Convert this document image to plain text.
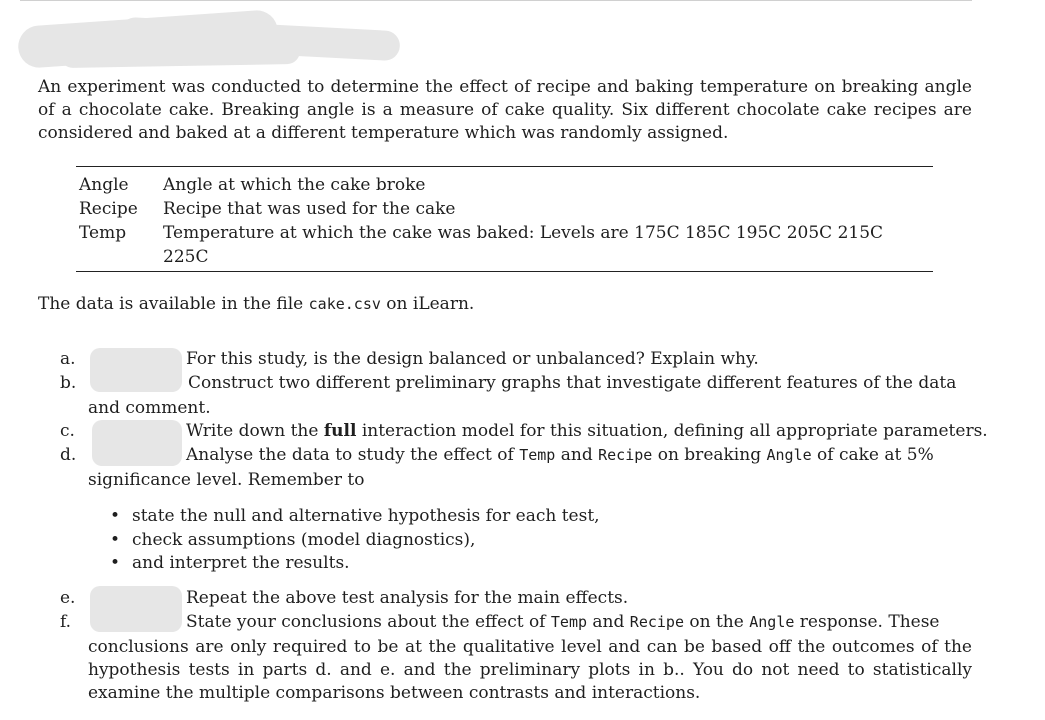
An experiment was conducted to determine the effect of recipe and baking temperature on breaking angle of a chocolate cake. Breaking angle is a measure of cake quality. Six different chocolate cake recipes are considered and baked at a different temperature which was randomly assigned.

Angle	Angle at which the cake broke
Recipe	Recipe that was used for the cake
Temp	Temperature at which the cake was baked: Levels are 175C 185C 195C 205C 215C 225C

The data is available in the file cake.csv on iLearn.

a.	For this study, is the design balanced or unbalanced? Explain why.
b.	Construct two different preliminary graphs that investigate different features of the data
and comment.
c.	Write down the full interaction model for this situation, defining all appropriate parameters.
d.	Analyse the data to study the effect of Temp and Recipe on breaking Angle of cake at 5%
significance level. Remember to
• state the null and alternative hypothesis for each test,
• check assumptions (model diagnostics),
• and interpret the results.
e.	Repeat the above test analysis for the main effects.
f.	State your conclusions about the effect of Temp and Recipe on the Angle response. These
conclusions are only required to be at the qualitative level and can be based off the outcomes of the hypothesis tests in parts d. and e. and the preliminary plots in b.. You do not need to statistically examine the multiple comparisons between contrasts and interactions.
